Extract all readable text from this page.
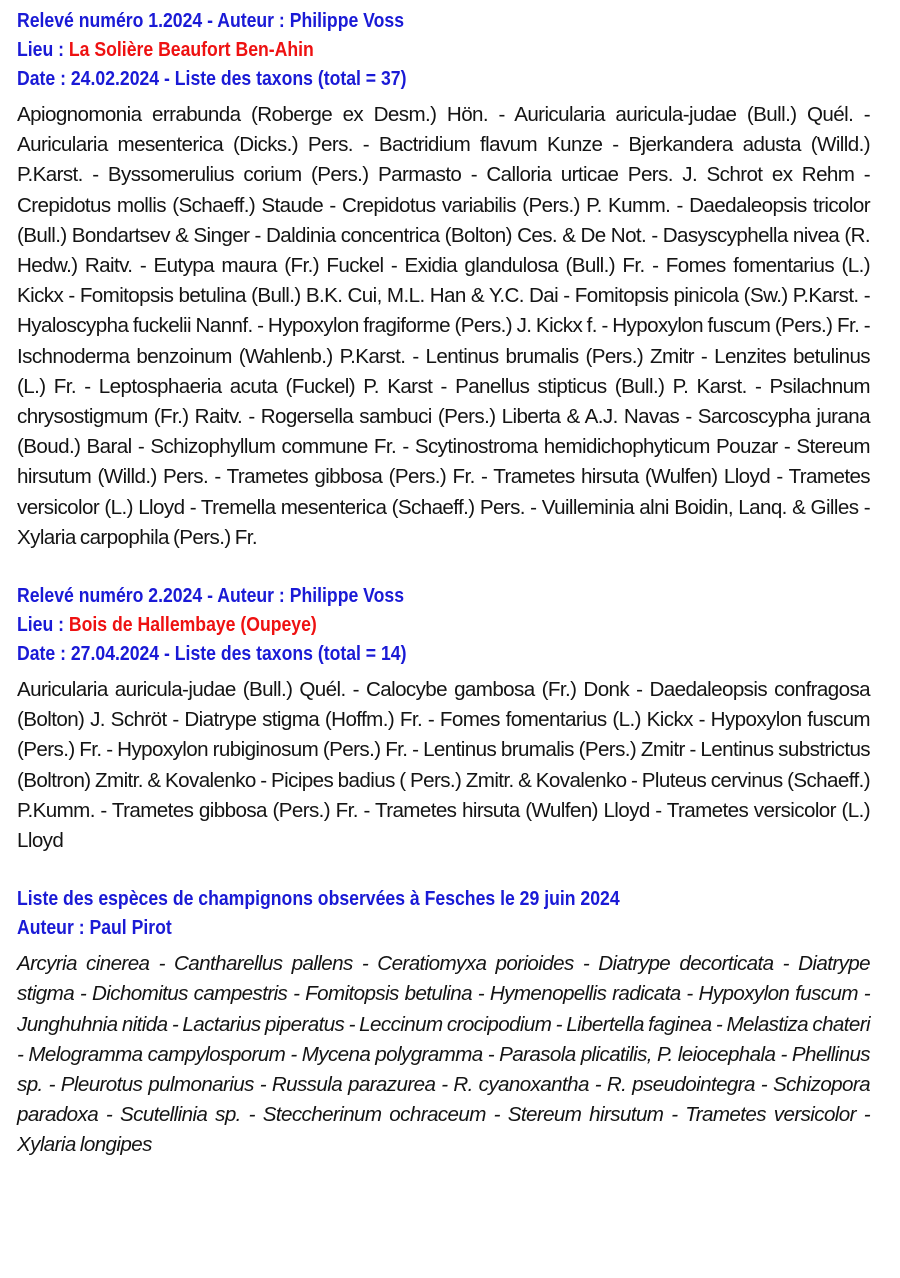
Relevé numéro 1.2024 - Auteur : Philippe Voss
Lieu : La Solière Beaufort Ben-Ahin
Date : 24.02.2024 - Liste des taxons (total = 37)
Apiognomonia errabunda (Roberge ex Desm.) Hön. - Auricularia auricula-judae (Bull.) Quél. - Auricularia mesenterica (Dicks.) Pers. - Bactridium flavum Kunze - Bjerkandera adusta (Willd.) P.Karst. - Byssomerulius corium (Pers.) Parmasto - Calloria urticae Pers. J. Schrot ex Rehm - Crepidotus mollis (Schaeff.) Staude - Crepidotus variabilis (Pers.) P. Kumm. - Daedaleopsis tricolor (Bull.) Bondartsev & Singer - Daldinia concentrica (Bolton) Ces. & De Not. - Dasyscyphella nivea (R. Hedw.) Raitv. - Eutypa maura (Fr.) Fuckel - Exidia glandulosa (Bull.) Fr. - Fomes fomentarius (L.) Kickx - Fomitopsis betulina (Bull.) B.K. Cui, M.L. Han & Y.C. Dai - Fomitopsis pinicola (Sw.) P.Karst. - Hyaloscypha fuckelii Nannf. - Hypoxylon fragiforme (Pers.) J. Kickx f. - Hypoxylon fuscum (Pers.) Fr. - Ischnoderma benzoinum (Wahlenb.) P.Karst. - Lentinus brumalis (Pers.) Zmitr - Lenzites betulinus (L.) Fr. - Leptosphaeria acuta (Fuckel) P. Karst - Panellus stipticus (Bull.) P. Karst. - Psilachnum chrysostigmum (Fr.) Raitv. - Rogersella sambuci (Pers.) Liberta & A.J. Navas - Sarcoscypha jurana (Boud.) Baral - Schizophyllum commune Fr. - Scytinostroma hemidichophyticum Pouzar - Stereum hirsutum (Willd.) Pers. - Trametes gibbosa (Pers.) Fr. - Trametes hirsuta (Wulfen) Lloyd - Trametes versicolor (L.) Lloyd - Tremella mesenterica (Schaeff.) Pers. - Vuilleminia alni Boidin, Lanq. & Gilles - Xylaria carpophila (Pers.) Fr.
Relevé numéro 2.2024 - Auteur : Philippe Voss
Lieu : Bois de Hallembaye (Oupeye)
Date : 27.04.2024 - Liste des taxons (total = 14)
Auricularia auricula-judae (Bull.) Quél. - Calocybe gambosa (Fr.) Donk - Daedaleopsis confragosa (Bolton) J. Schröt - Diatrype stigma (Hoffm.) Fr. - Fomes fomentarius (L.) Kickx - Hypoxylon fuscum (Pers.) Fr. - Hypoxylon rubiginosum (Pers.) Fr. - Lentinus brumalis (Pers.) Zmitr - Lentinus substrictus (Boltron) Zmitr. & Kovalenko - Picipes badius ( Pers.) Zmitr. & Kovalenko - Pluteus cervinus (Schaeff.) P.Kumm. - Trametes gibbosa (Pers.) Fr. - Trametes hirsuta (Wulfen) Lloyd - Trametes versicolor (L.) Lloyd
Liste des espèces de champignons observées à Fesches le 29 juin 2024
Auteur : Paul Pirot
Arcyria cinerea - Cantharellus pallens - Ceratiomyxa porioides - Diatrype decorticata - Diatrype stigma - Dichomitus campestris - Fomitopsis betulina - Hymenopellis radicata - Hypoxylon fuscum - Junghuhnia nitida - Lactarius piperatus - Leccinum crocipodium - Libertella faginea - Melastiza chateri - Melogramma campylosporum - Mycena polygramma - Parasola plicatilis, P. leiocephala - Phellinus sp. - Pleurotus pulmonarius - Russula parazurea - R. cyanoxantha - R. pseudointegra - Schizopora paradoxa - Scutellinia sp. - Steccherinum ochraceum - Stereum hirsutum - Trametes versicolor - Xylaria longipes
